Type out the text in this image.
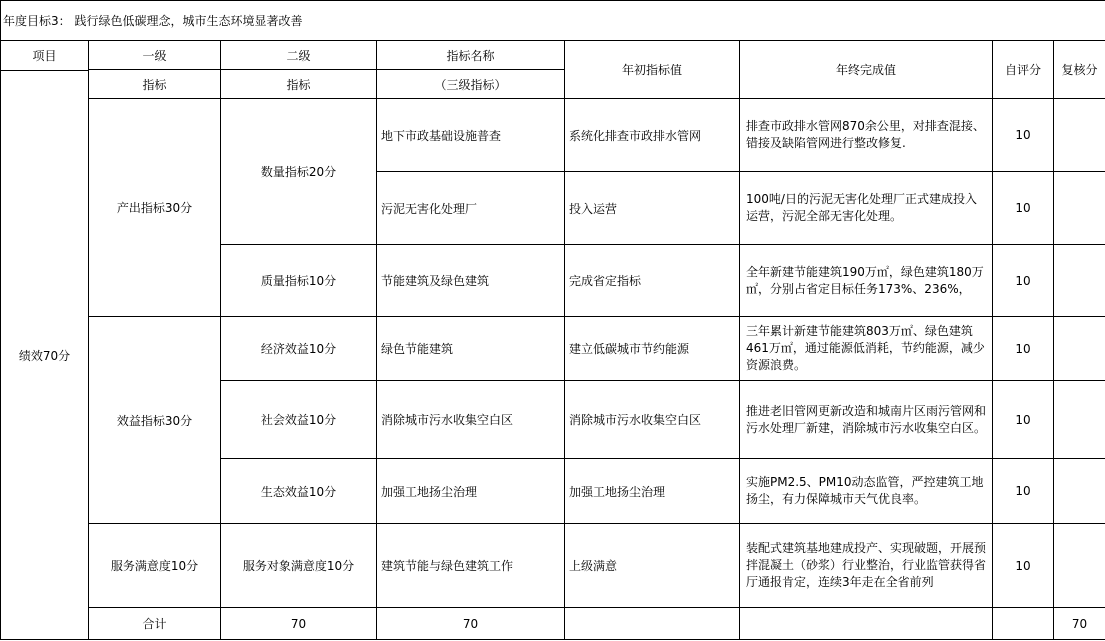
年度目标3： 践行绿色低碳理念，城市生态环境显著改善								
项目	一级	二级	指标名称	年初指标值	年终完成值	自评分	复核分	
	指标	指标	（三级指标）					
绩效70分								
	产出指标30分	数量指标20分	地下市政基础设施普查	系统化排查市政排水管网	排查市政排水管网870余公里，对排查混接、错接及缺陷管网进行整改修复.	10		
			污泥无害化处理厂	投入运营	100吨/日的污泥无害化处理厂正式建成投入运营，污泥全部无害化处理。	10		
		质量指标10分	节能建筑及绿色建筑	完成省定指标	全年新建节能建筑190万㎡，绿色建筑180万㎡，分别占省定目标任务173%、236%，	10		
	效益指标30分	经济效益10分	绿色节能建筑	建立低碳城市节约能源	三年累计新建节能建筑803万㎡、绿色建筑461万㎡，通过能源低消耗，节约能源，减少资源浪费。	10		
		社会效益10分	消除城市污水收集空白区	消除城市污水收集空白区	推进老旧管网更新改造和城南片区雨污管网和污水处理厂新建，消除城市污水收集空白区。	10		
		生态效益10分	加强工地扬尘治理	加强工地扬尘治理	实施PM2.5、PM10动态监管，严控建筑工地扬尘，有力保障城市天气优良率。	10		
	服务满意度10分	服务对象满意度10分	建筑节能与绿色建筑工作	上级满意	装配式建筑基地建成投产、实现破题，开展预拌混凝土（砂浆）行业整治，行业监管获得省厅通报肯定，连续3年走在全省前列	10		
	合计	70	70				70	
